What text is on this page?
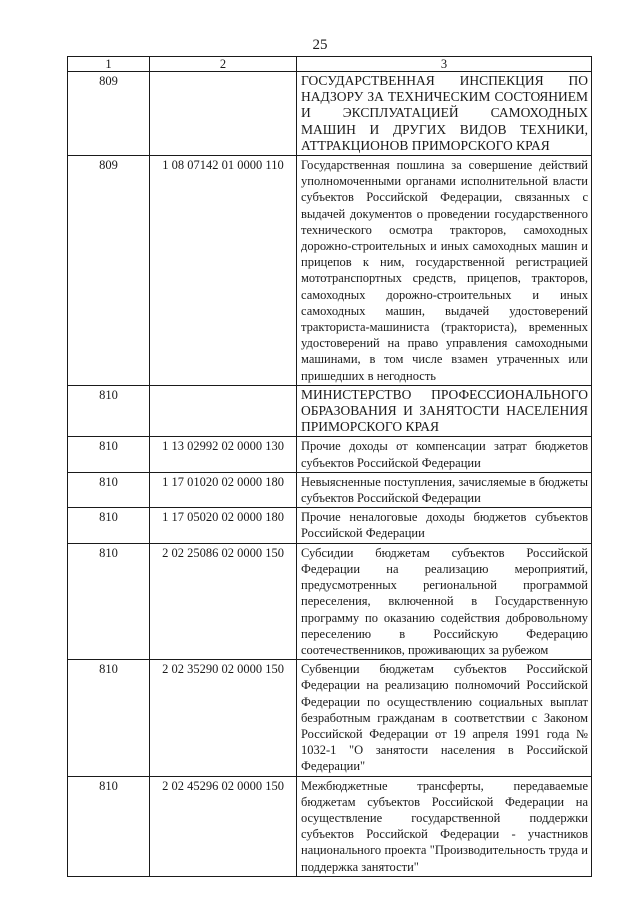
25
1	2	3
809		ГОСУДАРСТВЕННАЯ ИНСПЕКЦИЯ ПО НАДЗОРУ ЗА ТЕХНИЧЕСКИМ СОСТОЯНИЕМ И ЭКСПЛУАТАЦИЕЙ САМОХОДНЫХ МАШИН И ДРУГИХ ВИДОВ ТЕХНИКИ, АТТРАКЦИОНОВ ПРИМОРСКОГО КРАЯ
809	1 08 07142 01 0000 110	Государственная пошлина за совершение действий уполномоченными органами исполнительной власти субъектов Российской Федерации, связанных с выдачей документов о проведении государственного технического осмотра тракторов, самоходных дорожно-строительных и иных самоходных машин и прицепов к ним, государственной регистрацией мототранспортных средств, прицепов, тракторов, самоходных дорожно-строительных и иных самоходных машин, выдачей удостоверений тракториста-машиниста (тракториста), временных удостоверений на право управления самоходными машинами, в том числе взамен утраченных или пришедших в негодность
810		МИНИСТЕРСТВО ПРОФЕССИОНАЛЬНОГО ОБРАЗОВАНИЯ И ЗАНЯТОСТИ НАСЕЛЕНИЯ ПРИМОРСКОГО КРАЯ
810	1 13 02992 02 0000 130	Прочие доходы от компенсации затрат бюджетов субъектов Российской Федерации
810	1 17 01020 02 0000 180	Невыясненные поступления, зачисляемые в бюджеты субъектов Российской Федерации
810	1 17 05020 02 0000 180	Прочие неналоговые доходы бюджетов субъектов Российской Федерации
810	2 02 25086 02 0000 150	Субсидии бюджетам субъектов Российской Федерации на реализацию мероприятий, предусмотренных региональной программой переселения, включенной в Государственную программу по оказанию содействия добровольному переселению в Российскую Федерацию соотечественников, проживающих за рубежом
810	2 02 35290 02 0000 150	Субвенции бюджетам субъектов Российской Федерации на реализацию полномочий Российской Федерации по осуществлению социальных выплат безработным гражданам в соответствии с Законом Российской Федерации от 19 апреля 1991 года № 1032-1 "О занятости населения в Российской Федерации"
810	2 02 45296 02 0000 150	Межбюджетные трансферты, передаваемые бюджетам субъектов Российской Федерации на осуществление государственной поддержки субъектов Российской Федерации - участников национального проекта "Производительность труда и поддержка занятости"
